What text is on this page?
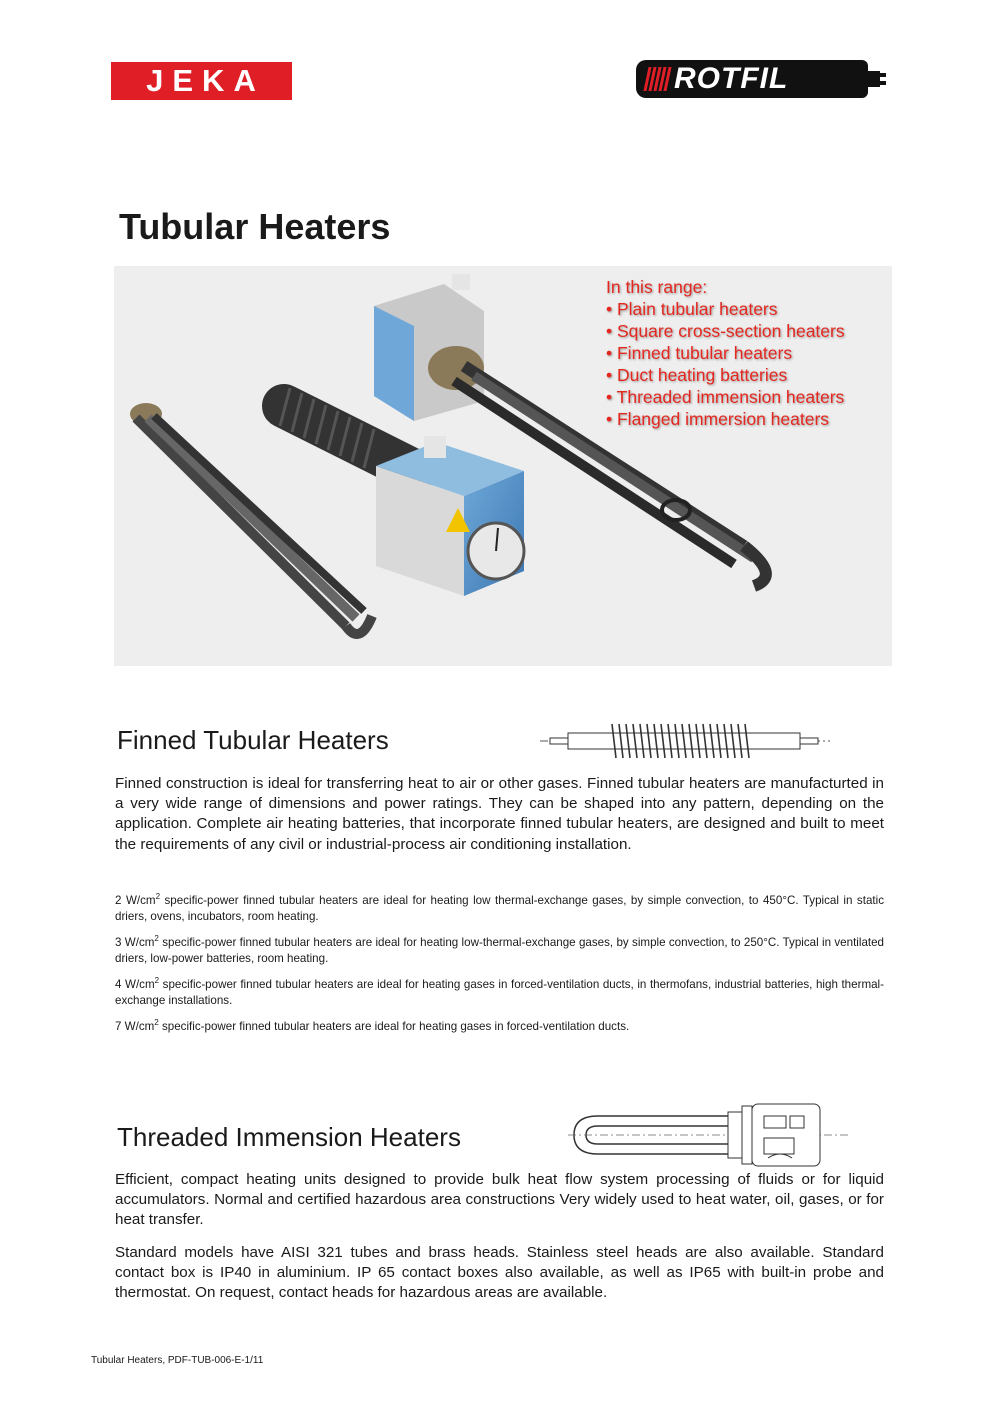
JEKA	ROTFIL
Tubular Heaters
In this range:
• Plain tubular heaters
• Square cross-section heaters
• Finned tubular heaters
• Duct heating batteries
• Threaded immension heaters
• Flanged immersion heaters
Finned Tubular Heaters

Finned construction is ideal for transferring heat to air or other gases. Finned tubular heaters are manufacturted in a very wide range of dimensions and power ratings. They can be shaped into any pattern, depending on the application. Complete air heating batteries, that incorporate finned tubular heaters, are designed and built to meet the requirements of any civil or industrial-process air conditioning installation.

2 $W/cm^2$ specific-power finned tubular heaters are ideal for heating low thermal-exchange gases, by simple convection, to 450°C. Typical in static driers, ovens, incubators, room heating.

3 $W/cm^2$ specific-power finned tubular heaters are ideal for heating low-thermal-exchange gases, by simple convection, to 250°C. Typical in ventilated driers, low-power batteries, room heating.

4 $W/cm^2$ specific-power finned tubular heaters are ideal for heating gases in forced-ventilation ducts, in thermofans, industrial batteries, high thermal-exchange installations.

7 $W/cm^2$ specific-power finned tubular heaters are ideal for heating gases in forced-ventilation ducts.

Threaded Immension Heaters

Efficient, compact heating units designed to provide bulk heat flow system processing of fluids or for liquid accumulators. Normal and certified hazardous area constructions Very widely used to heat water, oil, gases, or for heat transfer.

Standard models have AISI 321 tubes and brass heads. Stainless steel heads are also available. Standard contact box is IP40 in aluminium. IP 65 contact boxes also available, as well as IP65 with built-in probe and thermostat. On request, contact heads for hazardous areas are available.

Tubular Heaters, PDF-TUB-006-E-1/11
